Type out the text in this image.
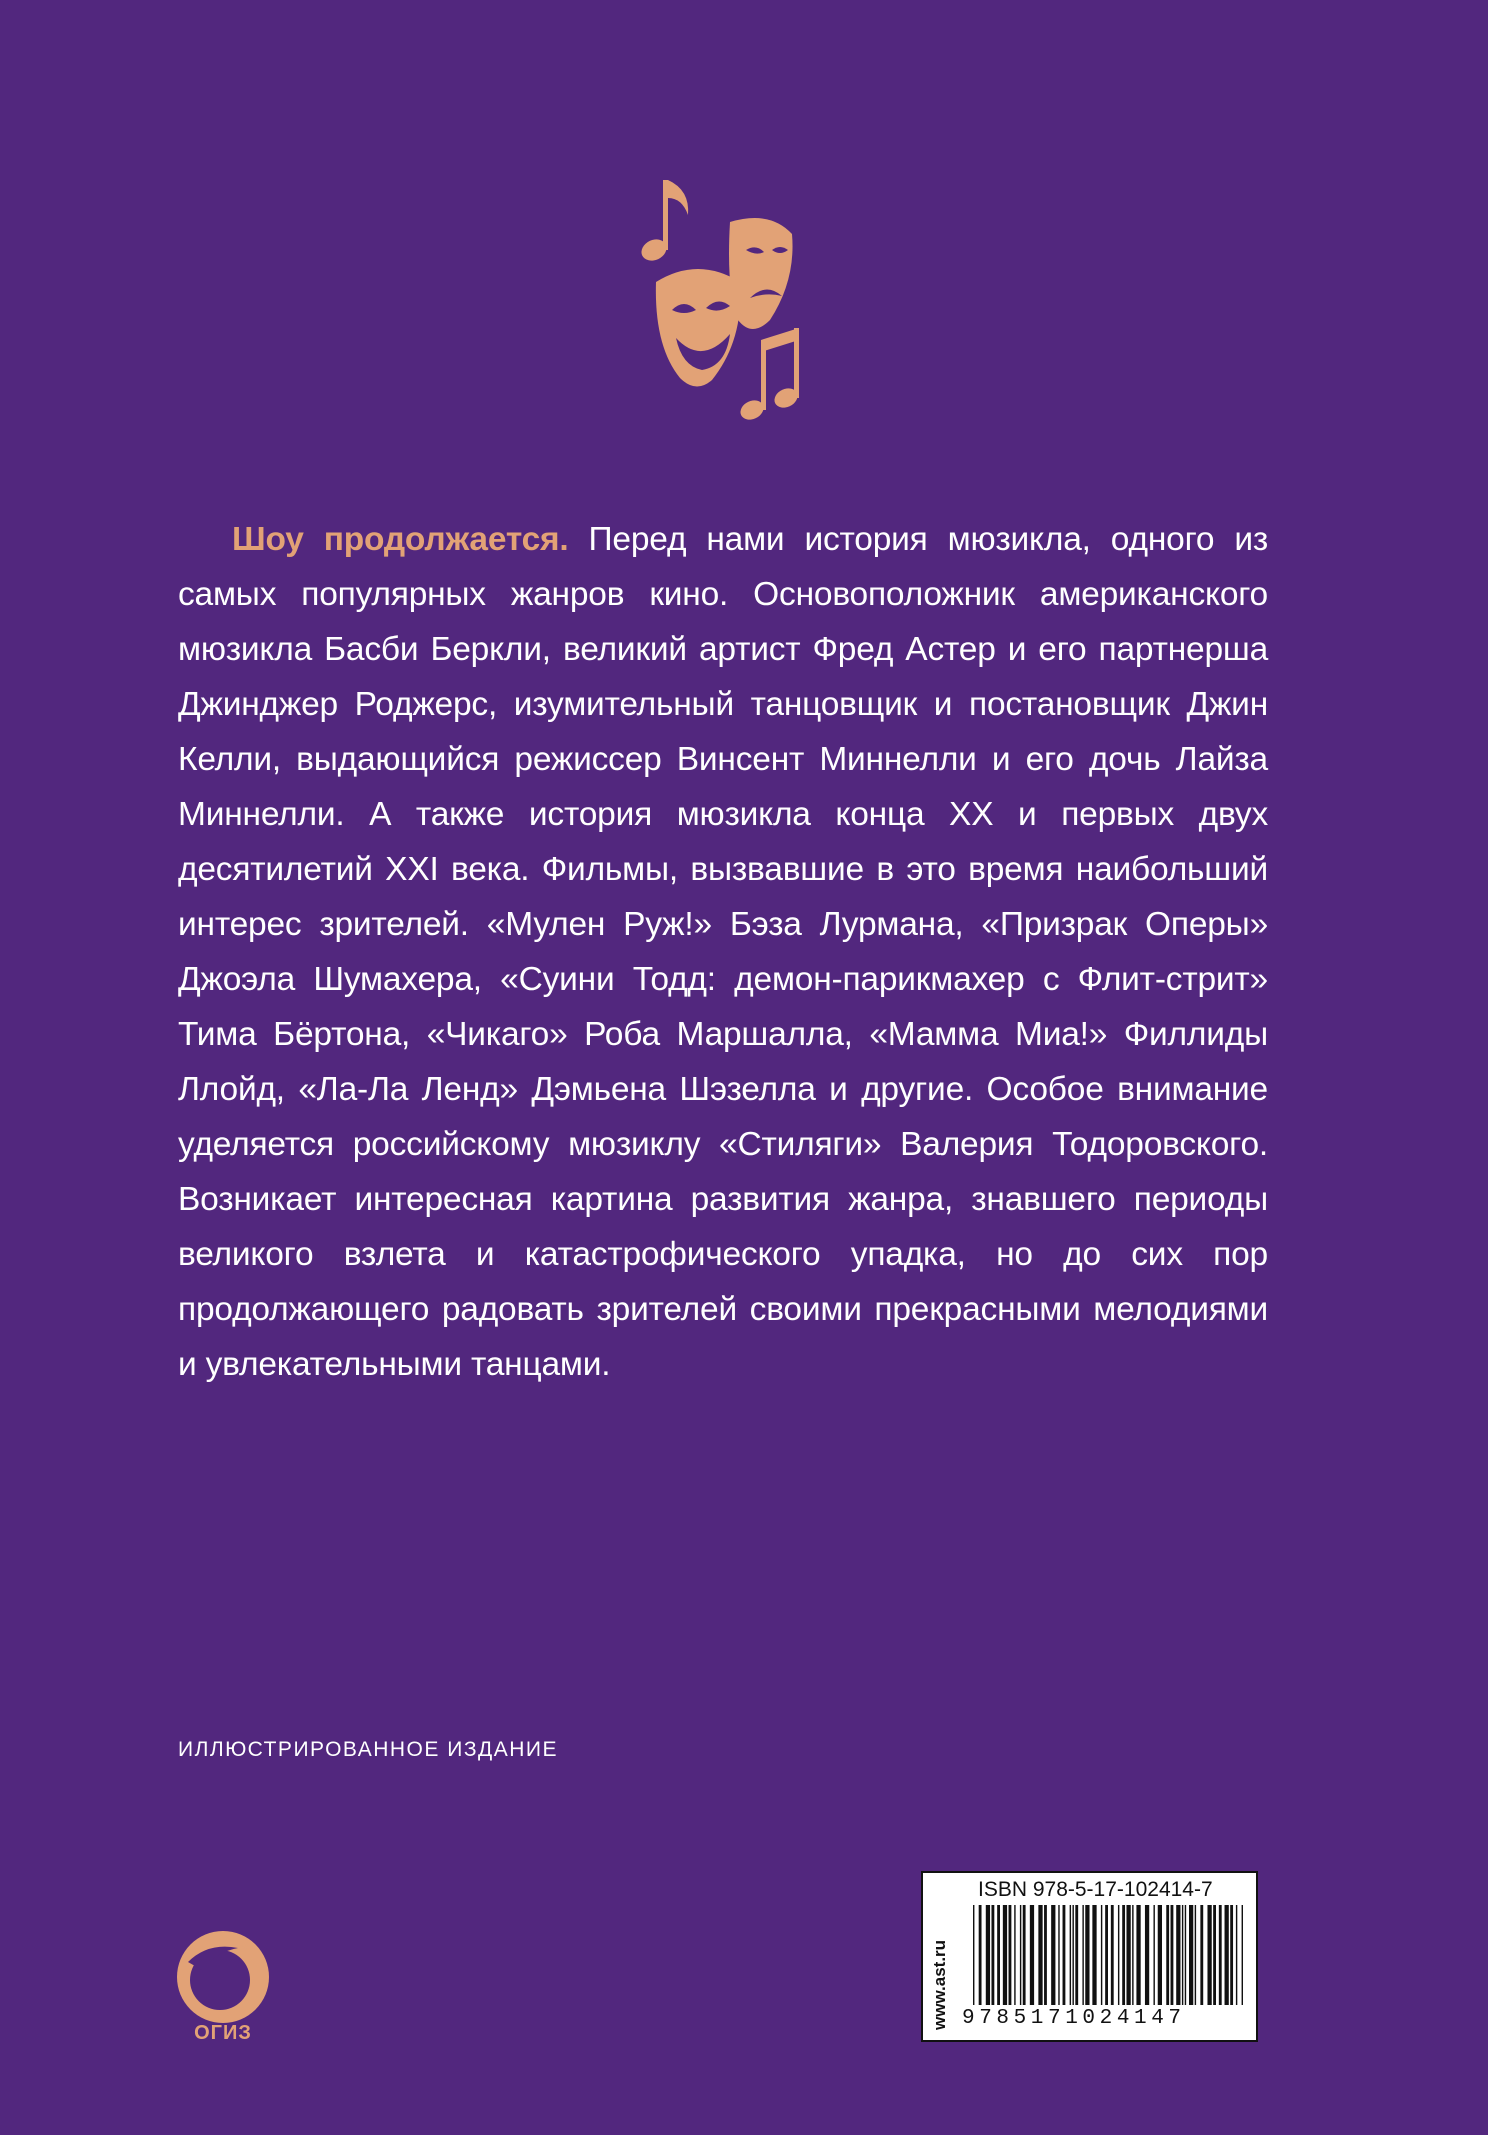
Шоу продолжается. Перед нами история мюзикла, одного из самых популярных жанров кино. Основоположник американского мюзикла Басби Беркли, великий артист Фред Астер и его партнерша Джинджер Роджерс, изумительный танцовщик и постановщик Джин Келли, выдающийся режиссер Винсент Миннелли и его дочь Лайза Миннелли. А также история мюзикла конца ХХ и первых двух десятилетий XXI века. Фильмы, вызвавшие в это время наибольший интерес зрителей. «Мулен Руж!» Бэза Лурмана, «Призрак Оперы» Джоэла Шумахера, «Суини Тодд: демон-парикмахер с Флит-стрит» Тима Бёртона, «Чикаго» Роба Маршалла, «Мамма Миа!» Филлиды Ллойд, «Ла-Ла Ленд» Дэмьена Шэзелла и другие. Особое внимание уделяется российскому мюзиклу «Стиляги» Валерия Тодоровского. Возникает интересная картина развития жанра, знавшего периоды великого взлета и катастрофического упадка, но до сих пор продолжающего радовать зрителей своими прекрасными мелодиями и увлекательными танцами.

ИЛЛЮСТРИРОВАННОЕ ИЗДАНИЕ

ОГИЗ

www.ast.ru

ISBN 978-5-17-102414-7

9785171024147
